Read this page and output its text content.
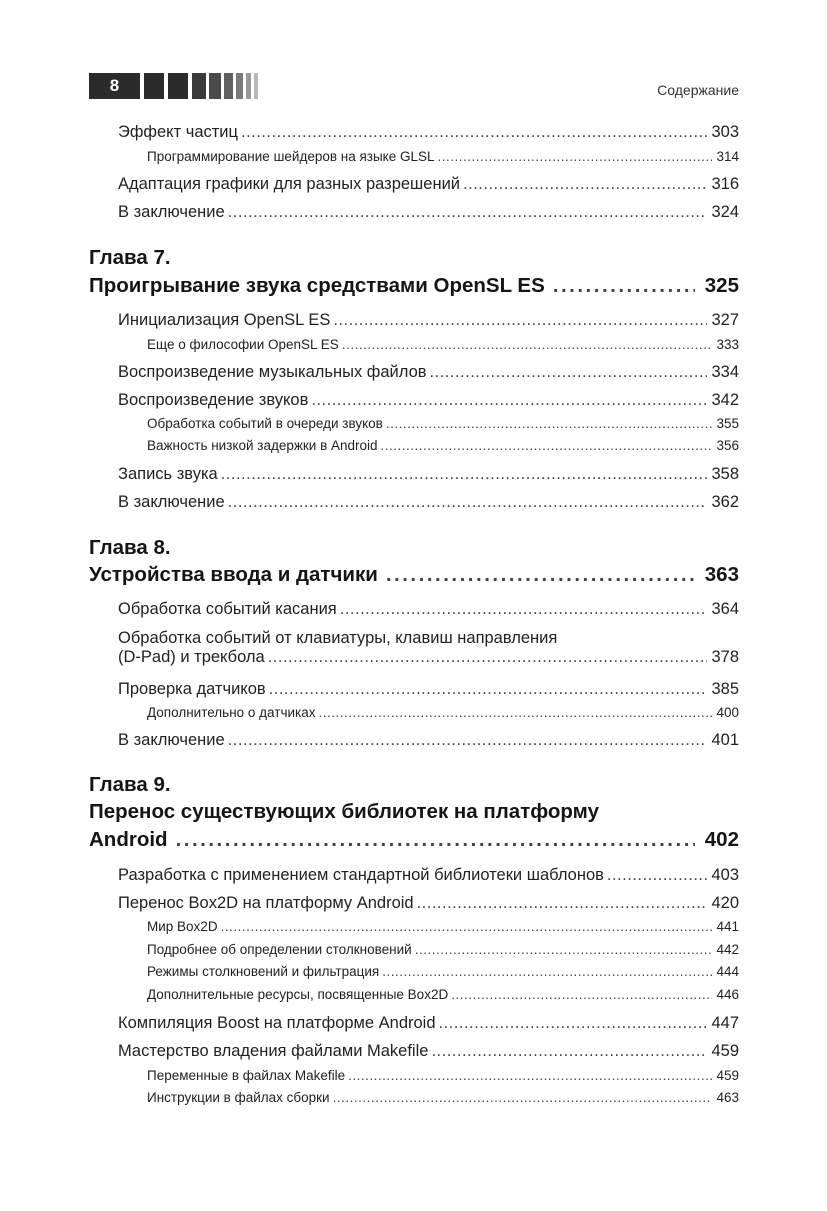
8	Содержание
Эффект частиц .....	303
Программирование шейдеров на языке GLSL .....	314
Адаптация графики для разных разрешений .....	316
В заключение .....	324
Глава 7.
Проигрывание звука средствами OpenSL ES .....	325
Инициализация OpenSL ES .....	327
Еще о философии OpenSL ES .....	333
Воспроизведение музыкальных файлов .....	334
Воспроизведение звуков .....	342
Обработка событий в очереди звуков .....	355
Важность низкой задержки в Android .....	356
Запись звука .....	358
В заключение .....	362
Глава 8.
Устройства ввода и датчики .....	363
Обработка событий касания .....	364
Обработка событий от клавиатуры, клавиш направления
(D-Pad) и трекбола .....	378
Проверка датчиков .....	385
Дополнительно о датчиках .....	400
В заключение .....	401
Глава 9.
Перенос существующих библиотек на платформу
Android .....	402
Разработка с применением стандартной библиотеки шаблонов .....	403
Перенос Box2D на платформу Android .....	420
Мир Box2D .....	441
Подробнее об определении столкновений .....	442
Режимы столкновений и фильтрация .....	444
Дополнительные ресурсы, посвященные Box2D .....	446
Компиляция Boost на платформе Android .....	447
Мастерство владения файлами Makefile .....	459
Переменные в файлах Makefile .....	459
Инструкции в файлах сборки .....	463
